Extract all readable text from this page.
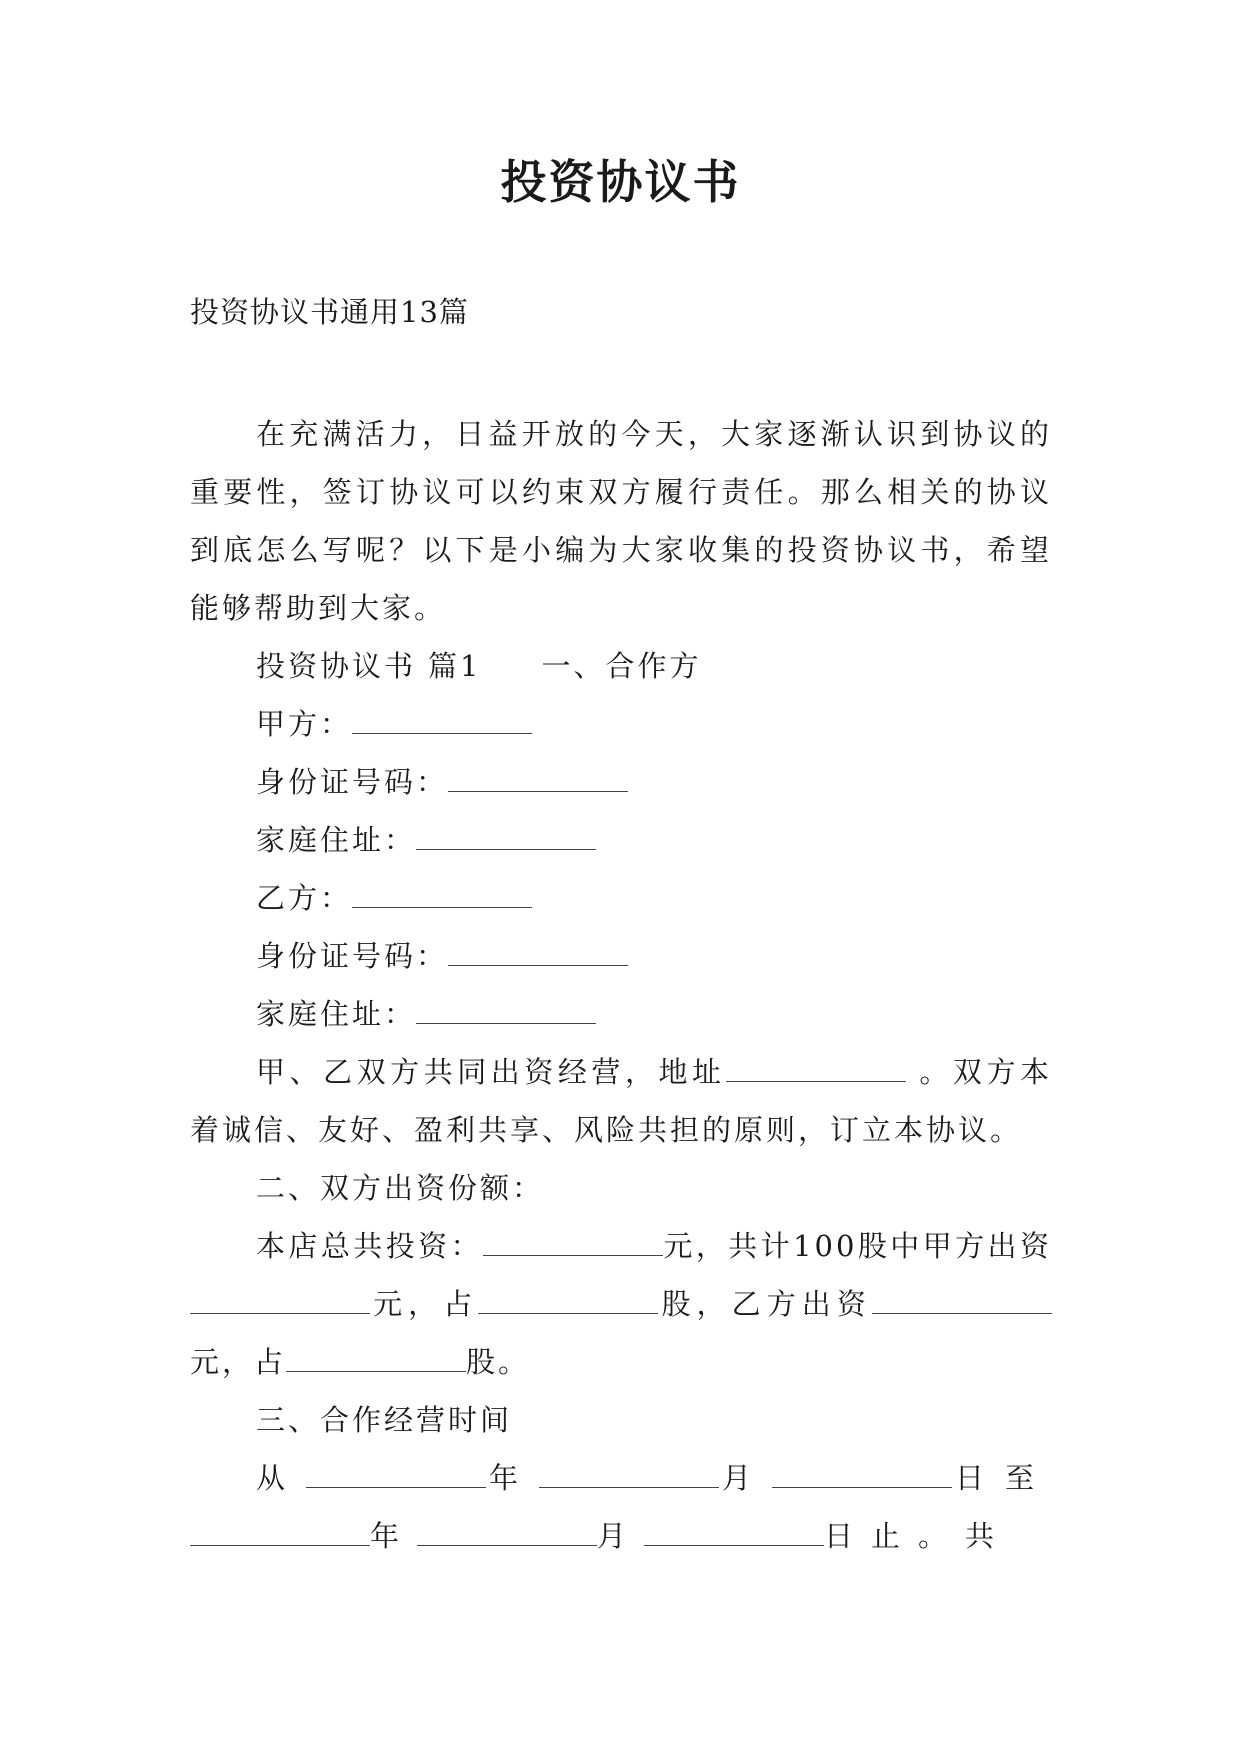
投资协议书
投资协议书通用13篇

在充满活力，日益开放的今天，大家逐渐认识到协议的重要性，签订协议可以约束双方履行责任。那么相关的协议到底怎么写呢？以下是小编为大家收集的投资协议书，希望能够帮助到大家。

投资协议书 篇1 一、合作方

甲方：

身份证号码：

家庭住址：

乙方：

身份证号码：

家庭住址：

甲、乙双方共同出资经营，地址	。双方本着诚信、友好、盈利共享、风险共担的原则，订立本协议。

二、双方出资份额：

本店总共投资：	元，共计100股中甲方出资元，占	股，乙方出资元，占	股。

三、合作经营时间

从	年	月	日至年	月	日止。共
